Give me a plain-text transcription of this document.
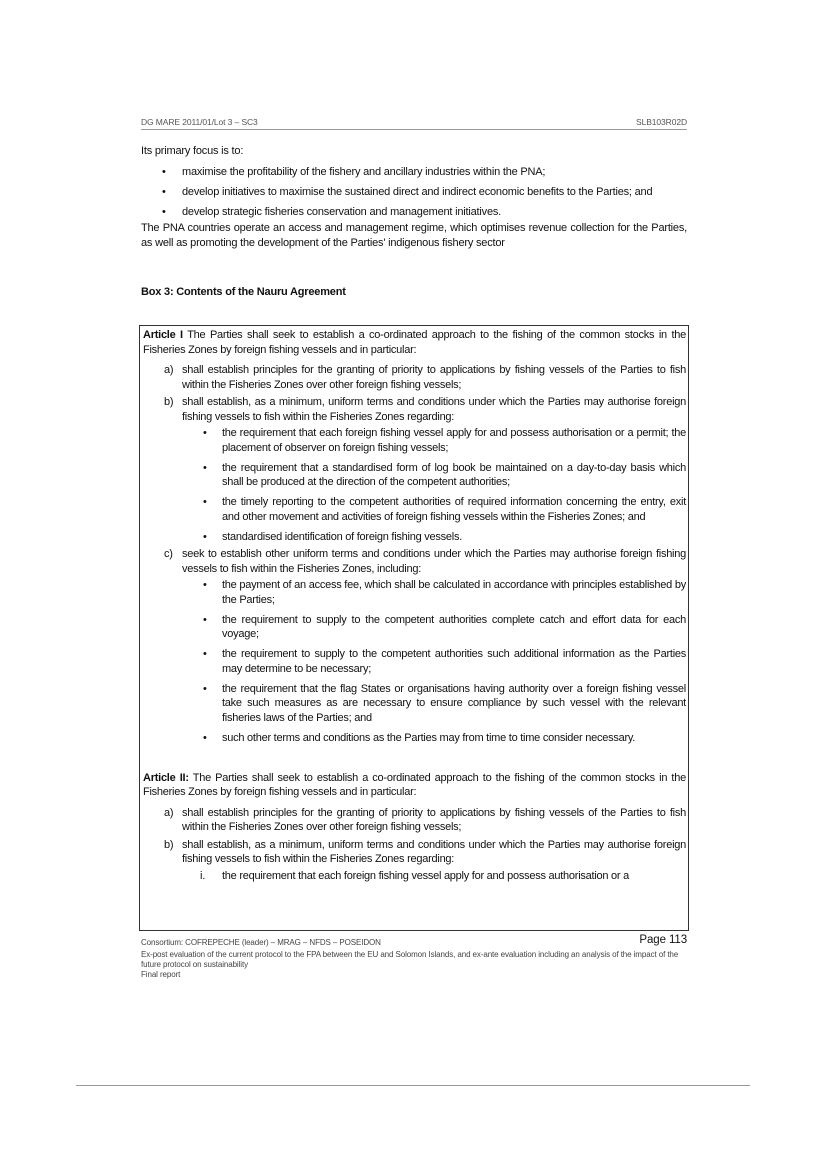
DG MARE 2011/01/Lot 3 – SC3	SLB103R02D

Its primary focus is to:

• maximise the profitability of the fishery and ancillary industries within the PNA;
• develop initiatives to maximise the sustained direct and indirect economic benefits to the Parties; and
• develop strategic fisheries conservation and management initiatives.

The PNA countries operate an access and management regime, which optimises revenue collection for the Parties, as well as promoting the development of the Parties' indigenous fishery sector

Box 3: Contents of the Nauru Agreement

Article I The Parties shall seek to establish a co-ordinated approach to the fishing of the common stocks in the Fisheries Zones by foreign fishing vessels and in particular:

a) shall establish principles for the granting of priority to applications by fishing vessels of the Parties to fish within the Fisheries Zones over other foreign fishing vessels;
b) shall establish, as a minimum, uniform terms and conditions under which the Parties may authorise foreign fishing vessels to fish within the Fisheries Zones regarding:
• the requirement that each foreign fishing vessel apply for and possess authorisation or a permit; the placement of observer on foreign fishing vessels;
• the requirement that a standardised form of log book be maintained on a day-to-day basis which shall be produced at the direction of the competent authorities;
• the timely reporting to the competent authorities of required information concerning the entry, exit and other movement and activities of foreign fishing vessels within the Fisheries Zones; and
• standardised identification of foreign fishing vessels.
c) seek to establish other uniform terms and conditions under which the Parties may authorise foreign fishing vessels to fish within the Fisheries Zones, including:
• the payment of an access fee, which shall be calculated in accordance with principles established by the Parties;
• the requirement to supply to the competent authorities complete catch and effort data for each voyage;
• the requirement to supply to the competent authorities such additional information as the Parties may determine to be necessary;
• the requirement that the flag States or organisations having authority over a foreign fishing vessel take such measures as are necessary to ensure compliance by such vessel with the relevant fisheries laws of the Parties; and
• such other terms and conditions as the Parties may from time to time consider necessary.

Article II: The Parties shall seek to establish a co-ordinated approach to the fishing of the common stocks in the Fisheries Zones by foreign fishing vessels and in particular:

a) shall establish principles for the granting of priority to applications by fishing vessels of the Parties to fish within the Fisheries Zones over other foreign fishing vessels;
b) shall establish, as a minimum, uniform terms and conditions under which the Parties may authorise foreign fishing vessels to fish within the Fisheries Zones regarding:
i. the requirement that each foreign fishing vessel apply for and possess authorisation or a
Consortium: COFREPECHE (leader) – MRAG – NFDS – POSEIDON	Page 113
Ex-post evaluation of the current protocol to the FPA between the EU and Solomon Islands, and ex-ante evaluation including an analysis of the impact of the future protocol on sustainability
Final report
